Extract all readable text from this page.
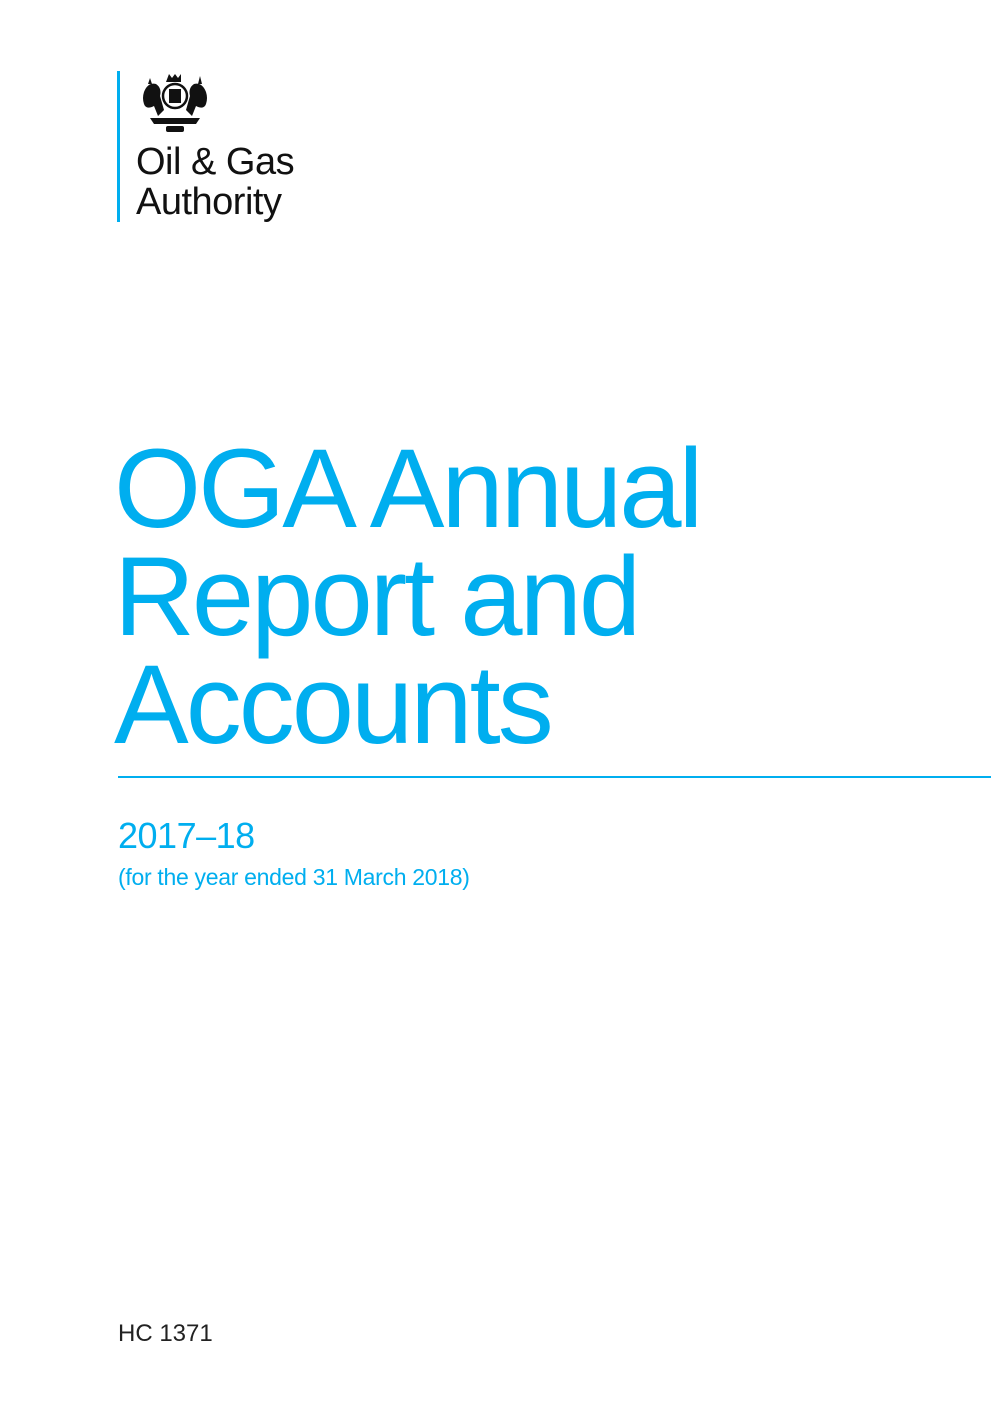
Oil & Gas
Authority
OGA Annual
Report and
Accounts
2017–18
(for the year ended 31 March 2018)
HC 1371
